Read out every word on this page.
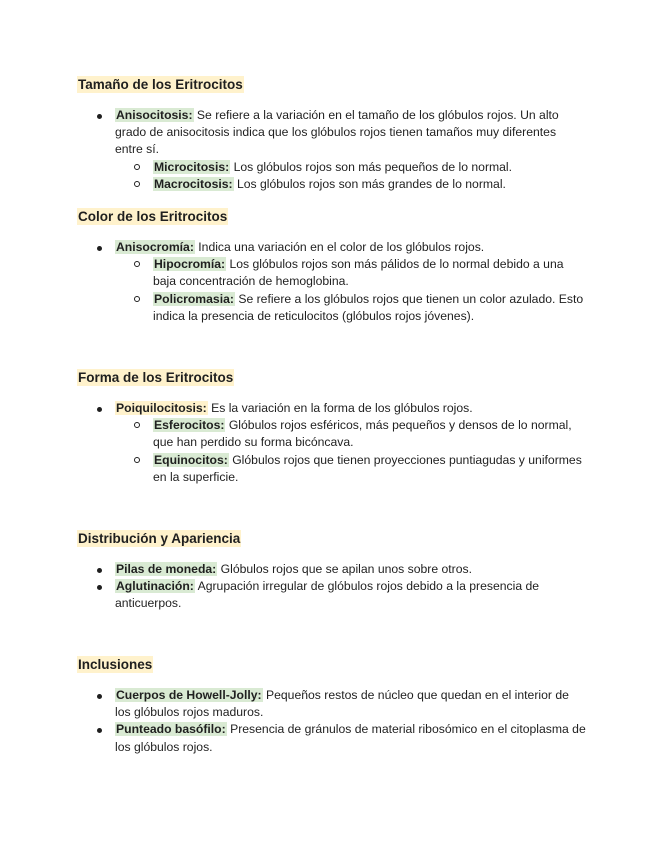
Tamaño de los Eritrocitos
Anisocitosis: Se refiere a la variación en el tamaño de los glóbulos rojos. Un alto grado de anisocitosis indica que los glóbulos rojos tienen tamaños muy diferentes entre sí.
Microcitosis: Los glóbulos rojos son más pequeños de lo normal.
Macrocitosis: Los glóbulos rojos son más grandes de lo normal.
Color de los Eritrocitos
Anisocromía: Indica una variación en el color de los glóbulos rojos.
Hipocromía: Los glóbulos rojos son más pálidos de lo normal debido a una baja concentración de hemoglobina.
Policromasia: Se refiere a los glóbulos rojos que tienen un color azulado. Esto indica la presencia de reticulocitos (glóbulos rojos jóvenes).
Forma de los Eritrocitos
Poiquilocitosis: Es la variación en la forma de los glóbulos rojos.
Esferocitos: Glóbulos rojos esféricos, más pequeños y densos de lo normal, que han perdido su forma bicóncava.
Equinocitos: Glóbulos rojos que tienen proyecciones puntiagudas y uniformes en la superficie.
Distribución y Apariencia
Pilas de moneda: Glóbulos rojos que se apilan unos sobre otros.
Aglutinación: Agrupación irregular de glóbulos rojos debido a la presencia de anticuerpos.
Inclusiones
Cuerpos de Howell-Jolly: Pequeños restos de núcleo que quedan en el interior de los glóbulos rojos maduros.
Punteado basófilo: Presencia de gránulos de material ribosómico en el citoplasma de los glóbulos rojos.
